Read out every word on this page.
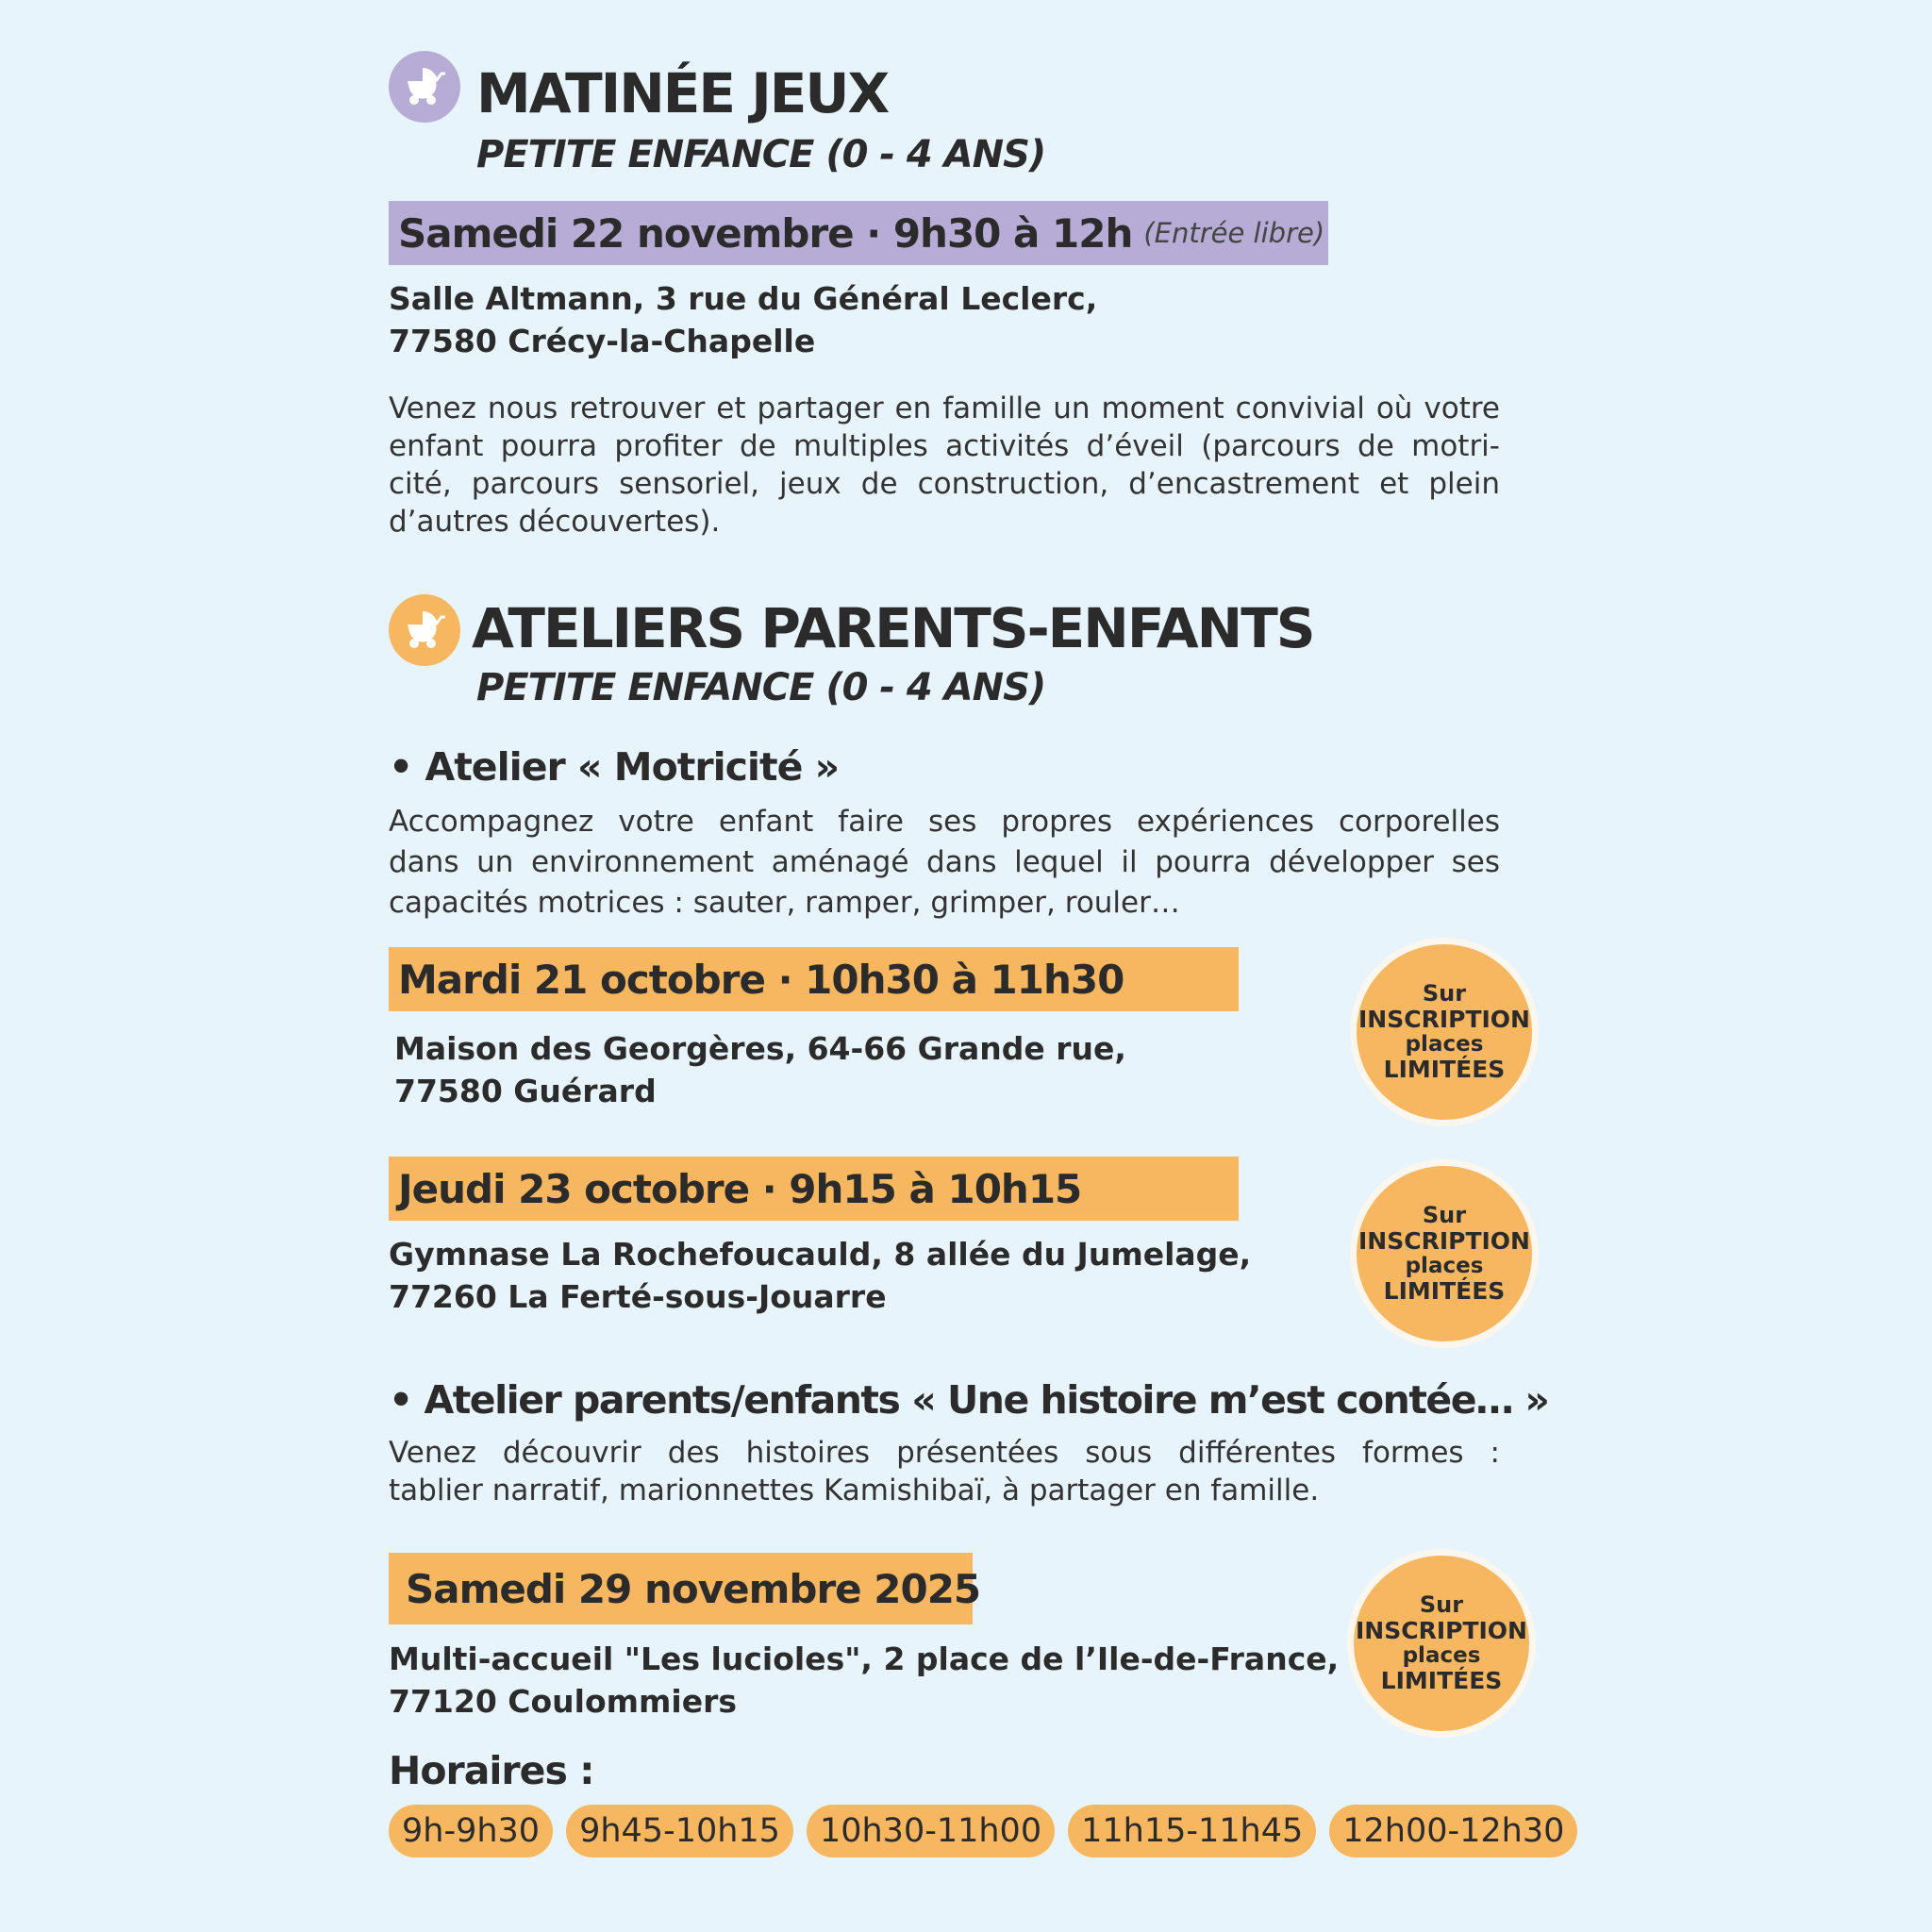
MATINÉE JEUX
PETITE ENFANCE (0 - 4 ANS)
Samedi 22 novembre · 9h30 à 12h (Entrée libre)
Salle Altmann, 3 rue du Général Leclerc,
77580 Crécy-la-Chapelle
Venez nous retrouver et partager en famille un moment convivial où votre
enfant pourra profiter de multiples activités d’éveil (parcours de motri-
cité, parcours sensoriel, jeux de construction, d’encastrement et plein
d’autres découvertes).
ATELIERS PARENTS-ENFANTS
PETITE ENFANCE (0 - 4 ANS)
• Atelier « Motricité »
Accompagnez votre enfant faire ses propres expériences corporelles
dans un environnement aménagé dans lequel il pourra développer ses
capacités motrices : sauter, ramper, grimper, rouler…
Mardi 21 octobre · 10h30 à 11h30
Maison des Georgères, 64-66 Grande rue,
77580 Guérard
Sur
INSCRIPTION
places
LIMITÉES
Jeudi 23 octobre · 9h15 à 10h15
Gymnase La Rochefoucauld, 8 allée du Jumelage,
77260 La Ferté-sous-Jouarre
Sur
INSCRIPTION
places
LIMITÉES
• Atelier parents/enfants « Une histoire m’est contée… »
Venez découvrir des histoires présentées sous différentes formes :
tablier narratif, marionnettes Kamishibaï, à partager en famille.
Samedi 29 novembre 2025
Multi-accueil "Les lucioles", 2 place de l’Ile-de-France,
77120 Coulommiers
Sur
INSCRIPTION
places
LIMITÉES
Horaires :
9h-9h30	9h45-10h15	10h30-11h00	11h15-11h45	12h00-12h30
